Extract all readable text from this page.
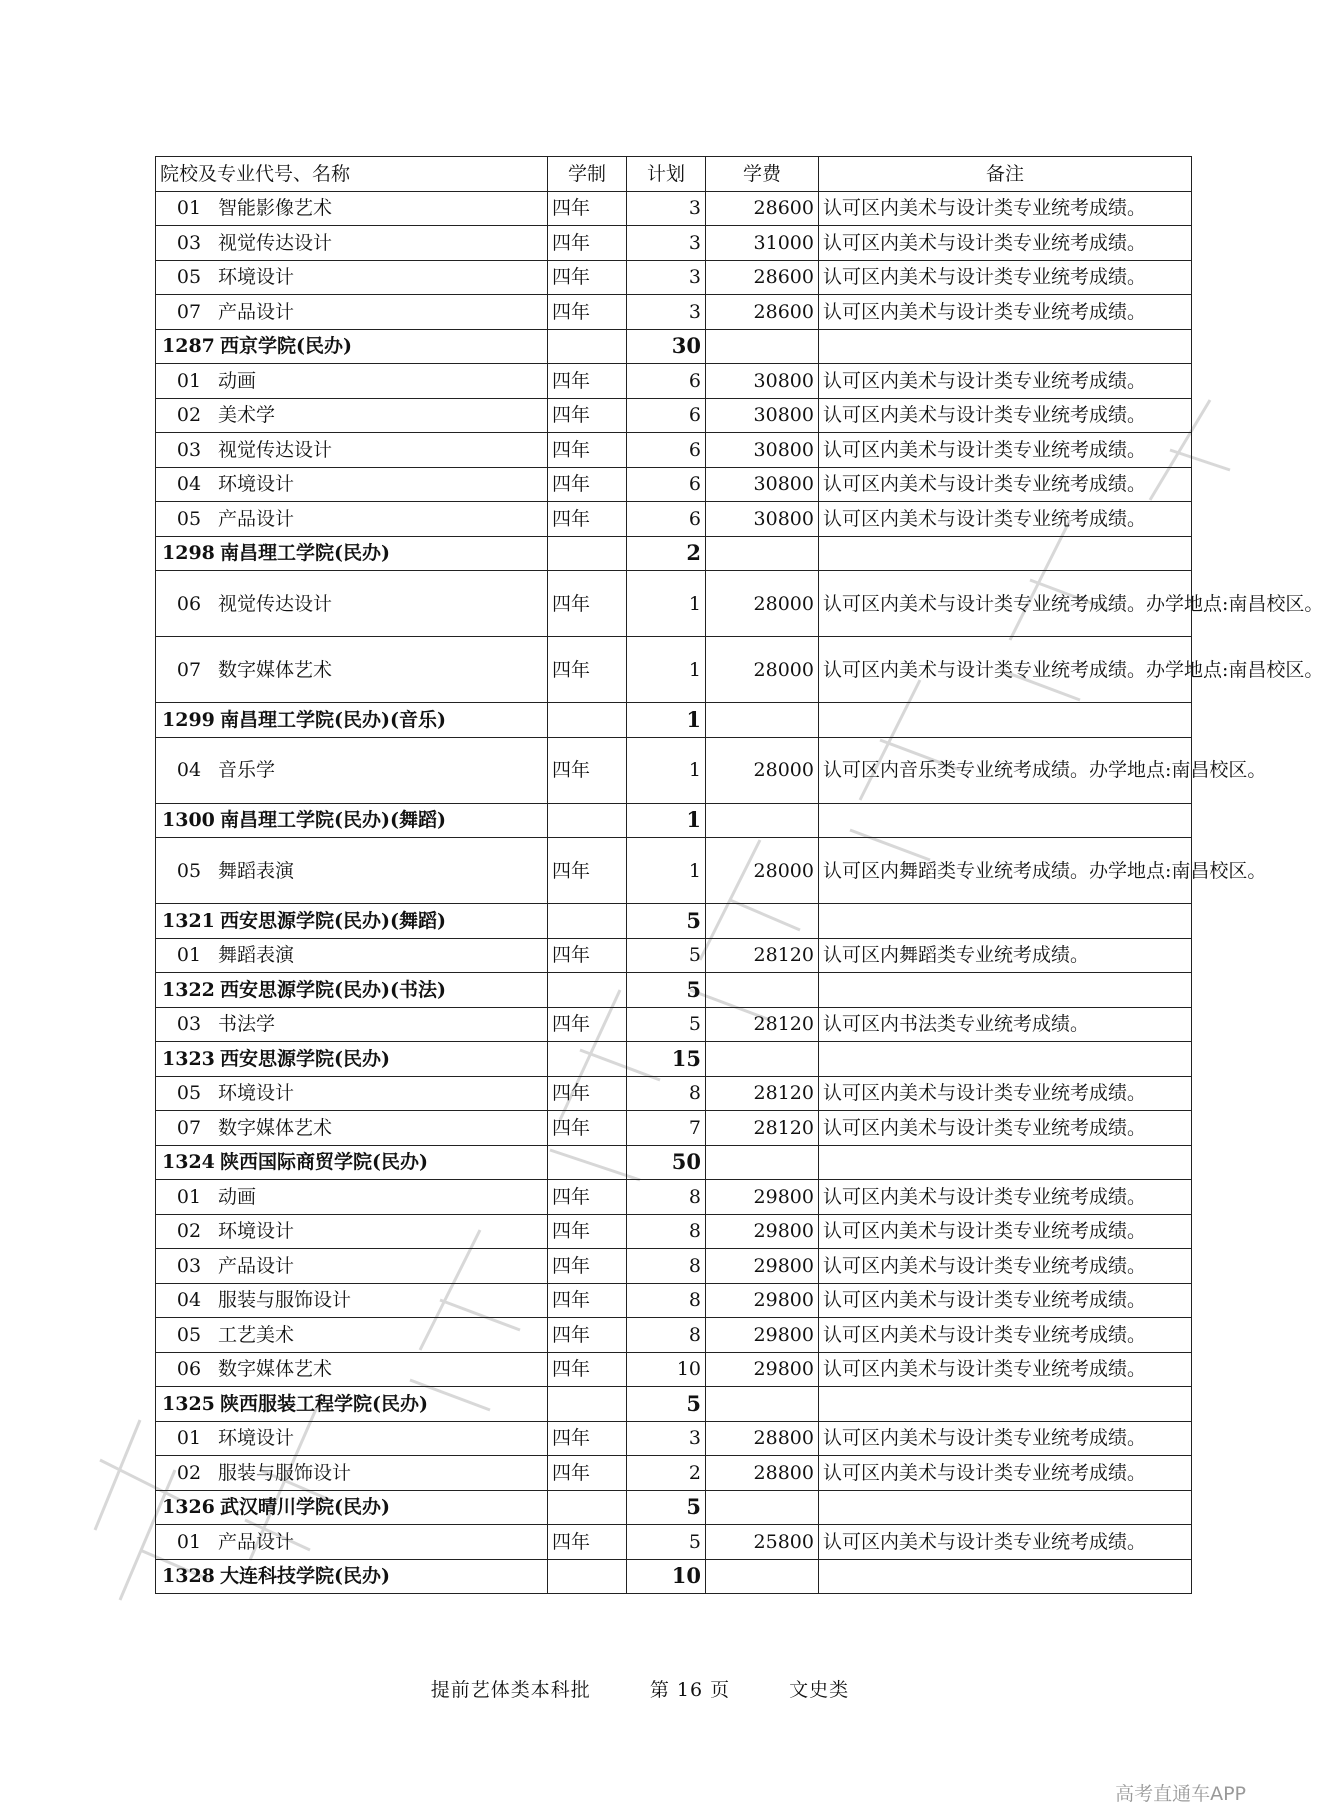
院校及专业代号、名称	学制	计划	学费	备注
01 智能影像艺术	四年	3	28600	认可区内美术与设计类专业统考成绩。
03 视觉传达设计	四年	3	31000	认可区内美术与设计类专业统考成绩。
05 环境设计	四年	3	28600	认可区内美术与设计类专业统考成绩。
07 产品设计	四年	3	28600	认可区内美术与设计类专业统考成绩。
1287 西京学院(民办)		30		
01 动画	四年	6	30800	认可区内美术与设计类专业统考成绩。
02 美术学	四年	6	30800	认可区内美术与设计类专业统考成绩。
03 视觉传达设计	四年	6	30800	认可区内美术与设计类专业统考成绩。
04 环境设计	四年	6	30800	认可区内美术与设计类专业统考成绩。
05 产品设计	四年	6	30800	认可区内美术与设计类专业统考成绩。
1298 南昌理工学院(民办)		2		
06 视觉传达设计	四年	1	28000	认可区内美术与设计类专业统考成绩。办学地点:南昌校区。
07 数字媒体艺术	四年	1	28000	认可区内美术与设计类专业统考成绩。办学地点:南昌校区。
1299 南昌理工学院(民办)(音乐)		1		
04 音乐学	四年	1	28000	认可区内音乐类专业统考成绩。办学地点:南昌校区。
1300 南昌理工学院(民办)(舞蹈)		1		
05 舞蹈表演	四年	1	28000	认可区内舞蹈类专业统考成绩。办学地点:南昌校区。
1321 西安思源学院(民办)(舞蹈)		5		
01 舞蹈表演	四年	5	28120	认可区内舞蹈类专业统考成绩。
1322 西安思源学院(民办)(书法)		5		
03 书法学	四年	5	28120	认可区内书法类专业统考成绩。
1323 西安思源学院(民办)		15		
05 环境设计	四年	8	28120	认可区内美术与设计类专业统考成绩。
07 数字媒体艺术	四年	7	28120	认可区内美术与设计类专业统考成绩。
1324 陕西国际商贸学院(民办)		50		
01 动画	四年	8	29800	认可区内美术与设计类专业统考成绩。
02 环境设计	四年	8	29800	认可区内美术与设计类专业统考成绩。
03 产品设计	四年	8	29800	认可区内美术与设计类专业统考成绩。
04 服装与服饰设计	四年	8	29800	认可区内美术与设计类专业统考成绩。
05 工艺美术	四年	8	29800	认可区内美术与设计类专业统考成绩。
06 数字媒体艺术	四年	10	29800	认可区内美术与设计类专业统考成绩。
1325 陕西服装工程学院(民办)		5		
01 环境设计	四年	3	28800	认可区内美术与设计类专业统考成绩。
02 服装与服饰设计	四年	2	28800	认可区内美术与设计类专业统考成绩。
1326 武汉晴川学院(民办)		5		
01 产品设计	四年	5	25800	认可区内美术与设计类专业统考成绩。
1328 大连科技学院(民办)		10		
提前艺体类本科批	第 16 页	文史类
高考直通车APP
